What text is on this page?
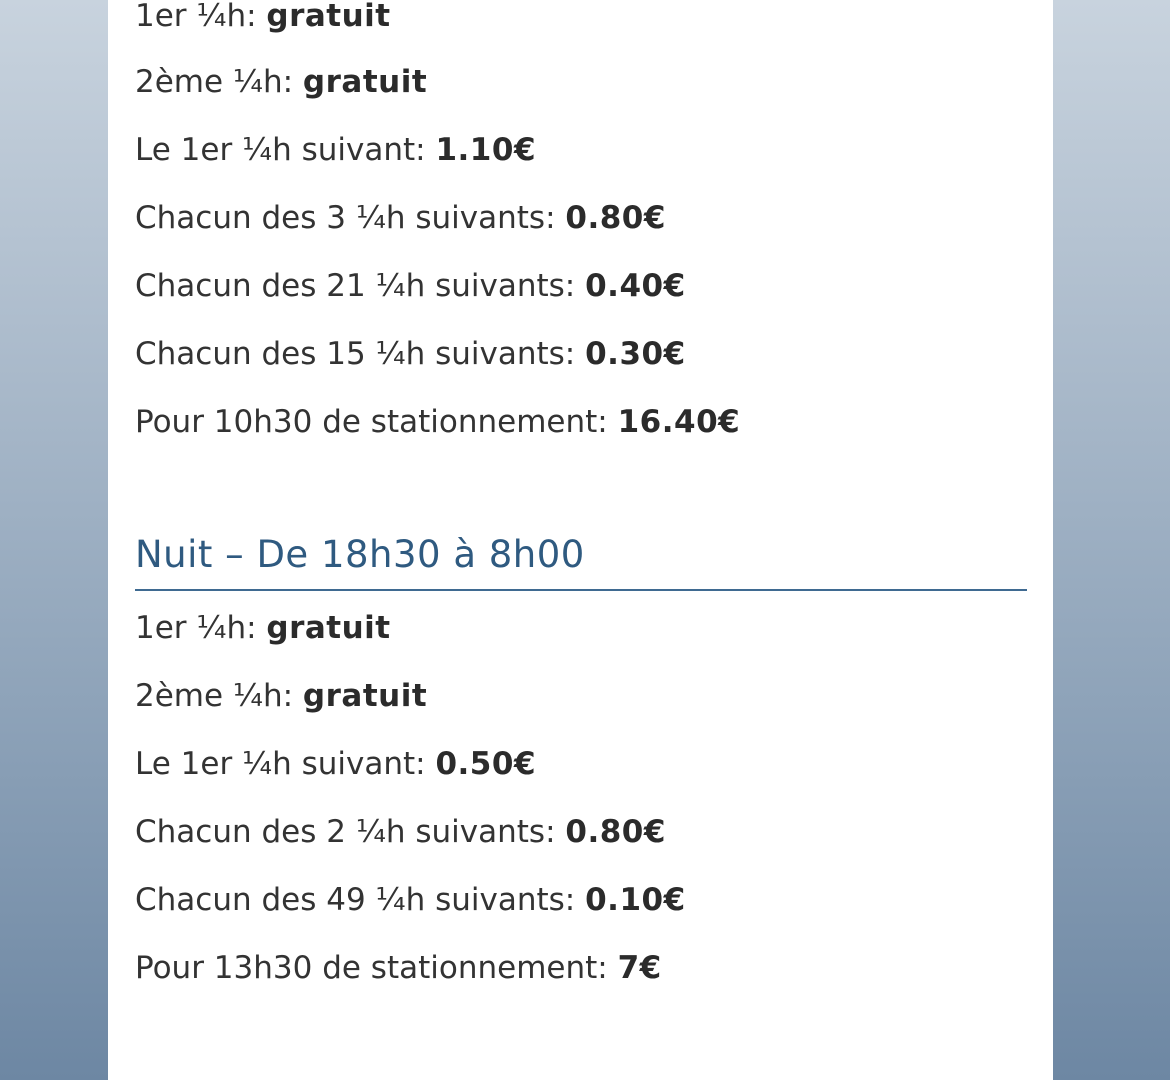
1er ¼h: gratuit
2ème ¼h: gratuit
Le 1er ¼h suivant: 1.10€
Chacun des 3 ¼h suivants: 0.80€
Chacun des 21 ¼h suivants: 0.40€
Chacun des 15 ¼h suivants: 0.30€
Pour 10h30 de stationnement: 16.40€
Nuit – De 18h30 à 8h00
1er ¼h: gratuit
2ème ¼h: gratuit
Le 1er ¼h suivant: 0.50€
Chacun des 2 ¼h suivants: 0.80€
Chacun des 49 ¼h suivants: 0.10€
Pour 13h30 de stationnement: 7€
